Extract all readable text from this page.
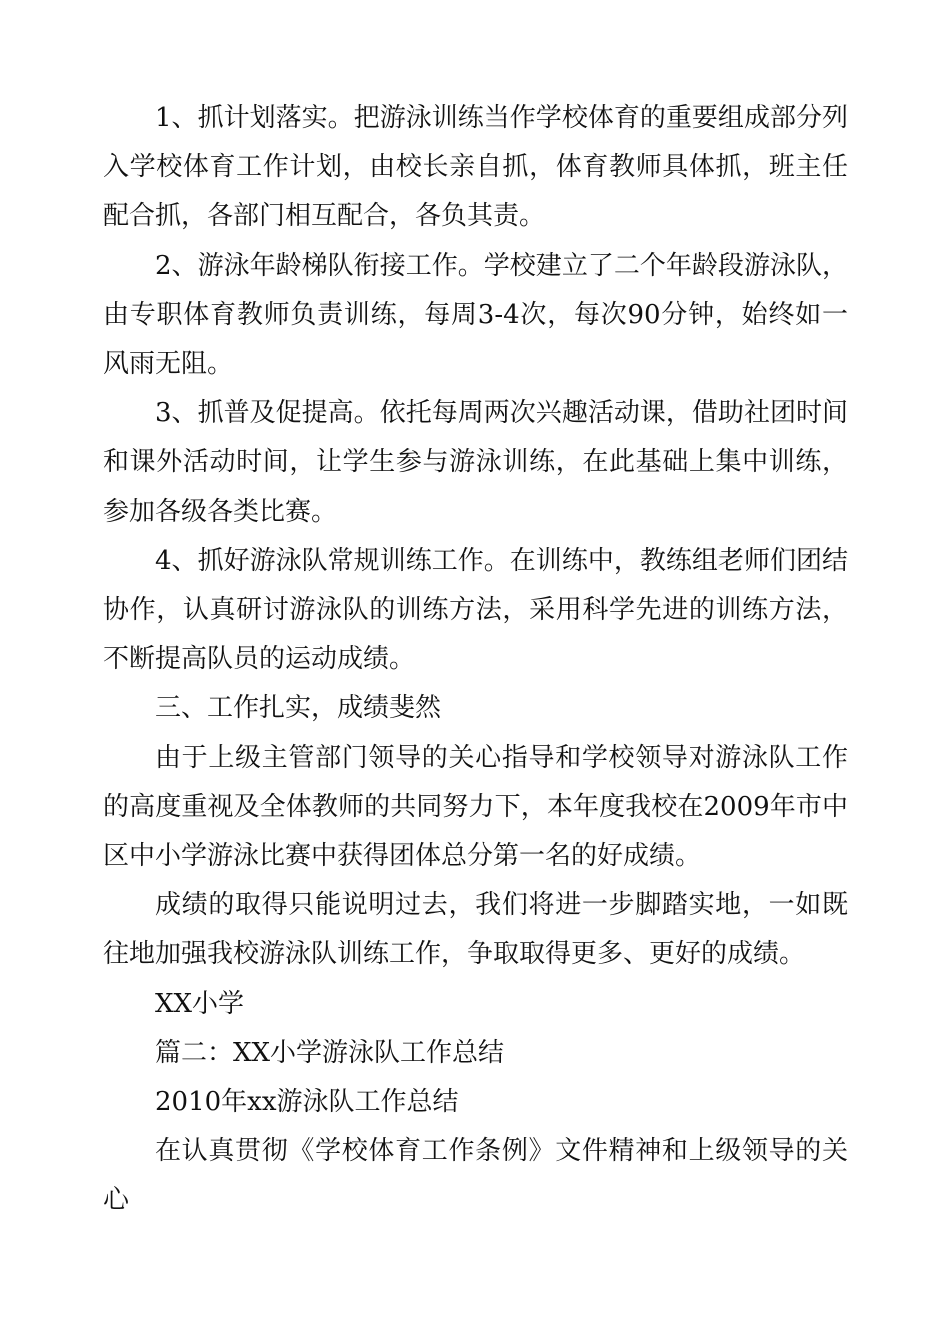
1、抓计划落实。把游泳训练当作学校体育的重要组成部分列入学校体育工作计划，由校长亲自抓，体育教师具体抓，班主任配合抓，各部门相互配合，各负其责。

2、游泳年龄梯队衔接工作。学校建立了二个年龄段游泳队，由专职体育教师负责训练，每周3-4次，每次90分钟，始终如一风雨无阻。

3、抓普及促提高。依托每周两次兴趣活动课，借助社团时间和课外活动时间，让学生参与游泳训练，在此基础上集中训练，参加各级各类比赛。

4、抓好游泳队常规训练工作。在训练中，教练组老师们团结协作，认真研讨游泳队的训练方法，采用科学先进的训练方法，不断提高队员的运动成绩。

三、工作扎实，成绩斐然

由于上级主管部门领导的关心指导和学校领导对游泳队工作的高度重视及全体教师的共同努力下，本年度我校在2009年市中区中小学游泳比赛中获得团体总分第一名的好成绩。

成绩的取得只能说明过去，我们将进一步脚踏实地，一如既往地加强我校游泳队训练工作，争取取得更多、更好的成绩。

XX小学

篇二：XX小学游泳队工作总结

2010年xx游泳队工作总结

在认真贯彻《学校体育工作条例》文件精神和上级领导的关心
